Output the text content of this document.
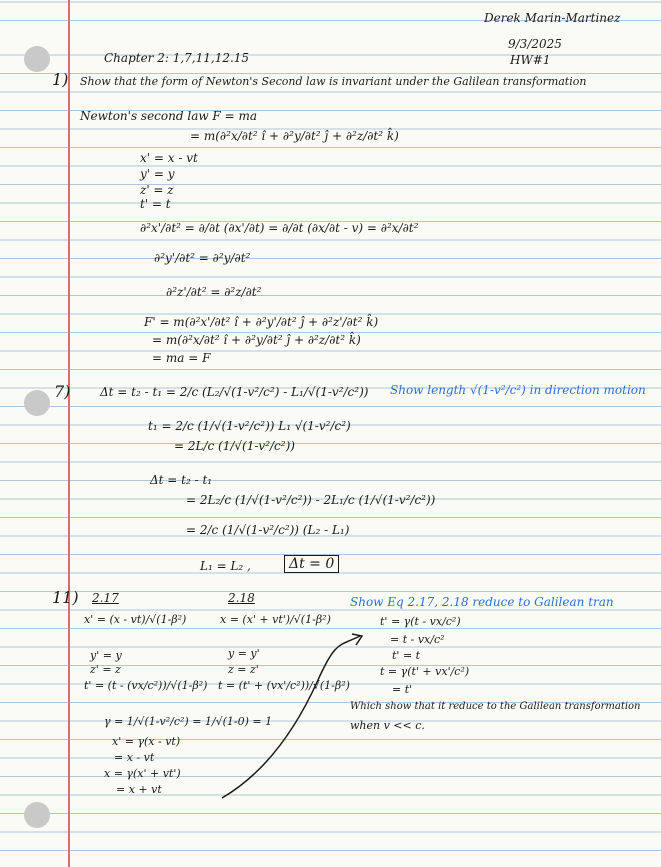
Derek Marin-Martinez
9/3/2025
HW#1
Chapter 2: 1,7,11,12.15
1) Show that the form of Newton's Second law is invariant under the Galilean transformation
Newton's second law F = ma
= m(∂²x/∂t² î + ∂²y/∂t² ĵ + ∂²z/∂t² k̂)
x' = x - vt
y' = y
z' = z
t' = t
∂²x'/∂t² = ∂/∂t (∂x'/∂t) = ∂/∂t (∂x/∂t - v) = ∂²x/∂t²
∂²y'/∂t² = ∂²y/∂t²
∂²z'/∂t² = ∂²z/∂t²
F' = m(∂²x'/∂t² î + ∂²y'/∂t² ĵ + ∂²z'/∂t² k̂)
= m(∂²x/∂t² î + ∂²y/∂t² ĵ + ∂²z/∂t² k̂)
= ma = F
7) Δt = t₂ - t₁ = 2/c (L₂/√(1-v²/c²) - L₁/√(1-v²/c²)) Show length √(1-v²/c²) in direction motion
t₁ = 2/c (1/√(1-v²/c²)) L₁ √(1-v²/c²)
= 2L/c (1/√(1-v²/c²))
Δt = t₂ - t₁
= 2L₂/c (1/√(1-v²/c²)) - 2L₁/c (1/√(1-v²/c²))
= 2/c (1/√(1-v²/c²)) (L₂ - L₁)
L₁ = L₂ ,	Δt = 0
11) 2.17
x' = (x - vt)/√(1-β²)
y' = y
z' = z
t' = (t - (vx/c²))/√(1-β²)
γ = 1/√(1-v²/c²) = 1/√(1-0) = 1
x' = γ(x - vt)
= x - vt
x = γ(x' + vt')
= x + vt
2.18
x = (x' + vt')/√(1-β²)
y = y'
z = z'
t = (t' + (vx'/c²))/√(1-β²)
Show Eq 2.17, 2.18 reduce to Galilean tran
t' = γ(t - vx/c²)
= t - vx/c²
t' = t
t = γ(t' + vx'/c²)
= t'
Which show that it reduce to the Galilean transformation
when v << c.
